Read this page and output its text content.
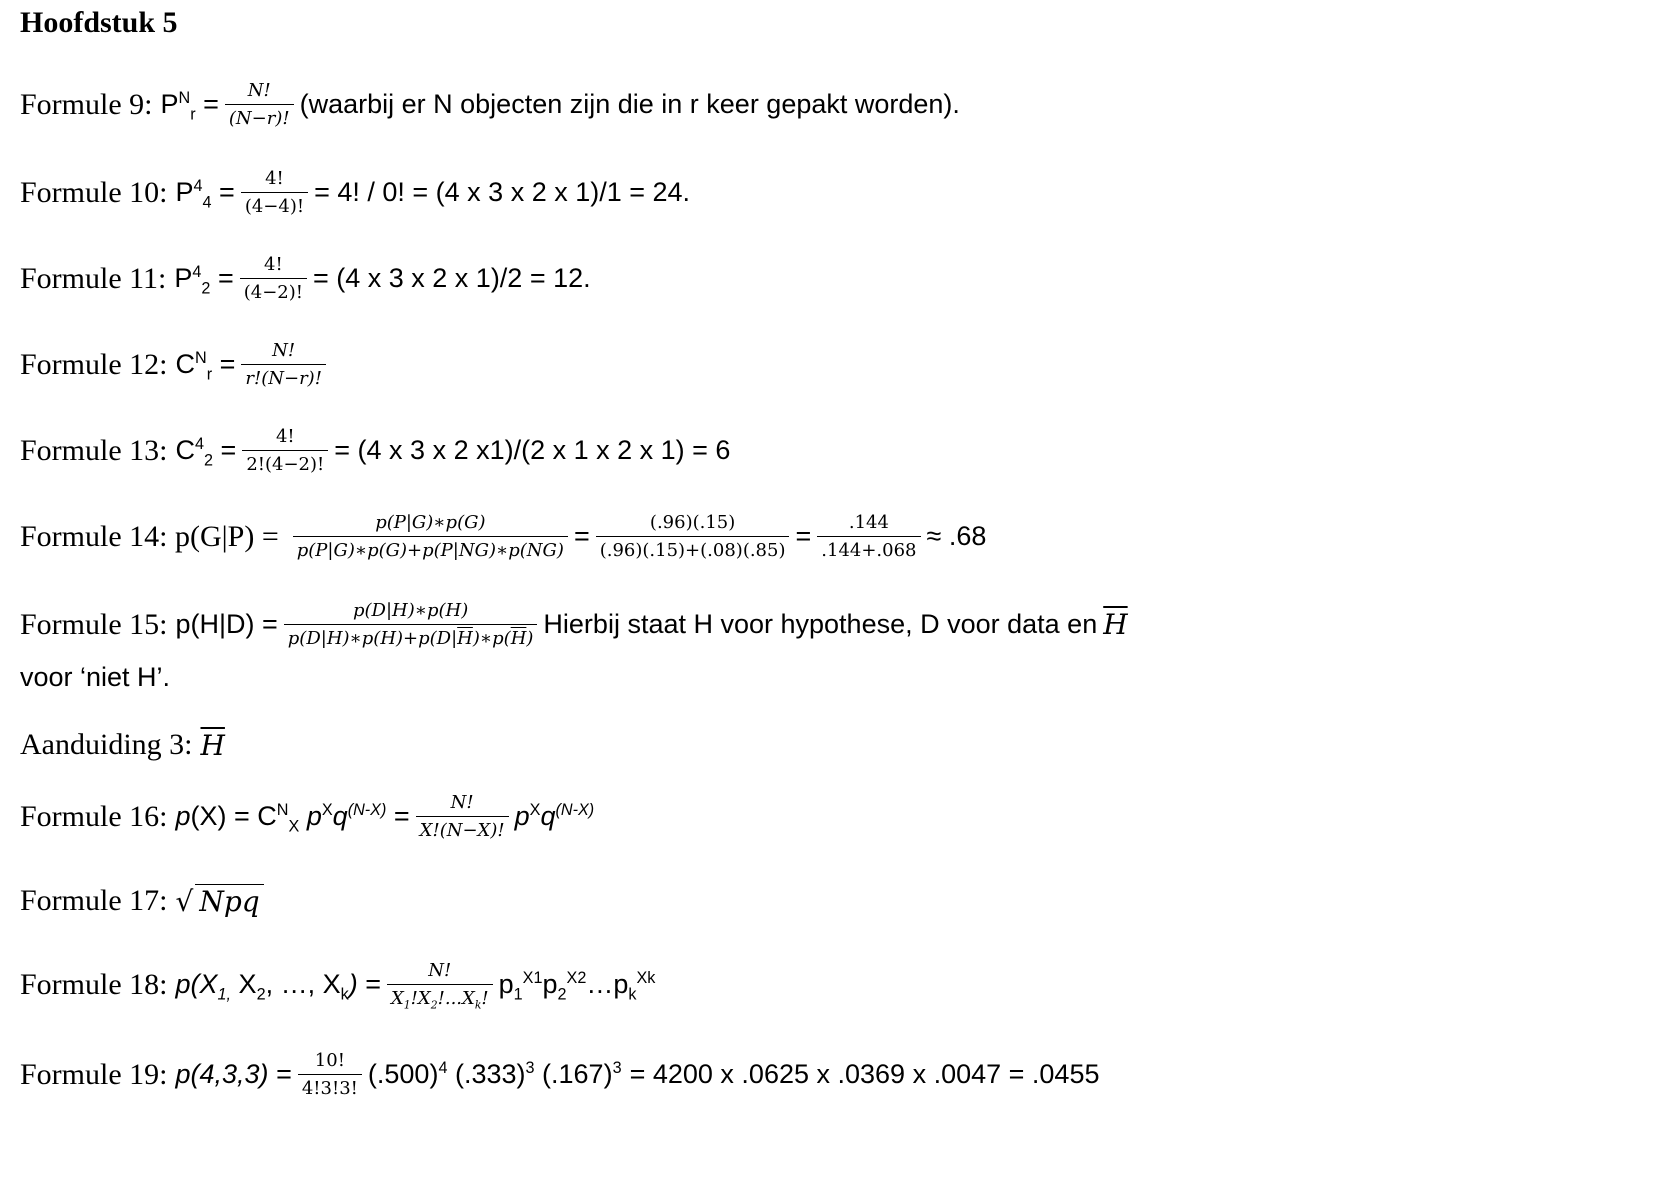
Hoofdstuk 5
Formule 9: $P^N_r = \frac{N!}{(N-r)!}$ (waarbij er N objecten zijn die in r keer gepakt worden).
Formule 10: $P^4_4 = \frac{4!}{(4-4)!} = 4$! / 0! = (4 x 3 x 2 x 1)/1 = 24.
Formule 11: $P^4_2 = \frac{4!}{(4-2)!} = (4$ x 3 x 2 x 1)/2 = 12.
Formule 12: $C^N_r = \frac{N!}{r!(N-r)!}$
Formule 13: $C^4_2 = \frac{4!}{2!(4-2)!} = (4$ x 3 x 2 x1)/(2 x 1 x 2 x 1) = 6
Formule 14: $p(G|P) = \frac{p(P|G)∗p(G)}{p(P|G)∗p(G)+p(P|NG)∗p(NG)} = \frac{(.96)(.15)}{(.96)(.15)+(.08)(.85)} = \frac{.144}{.144+.068} \approx .68$
Formule 15: $p(H|D) = \frac{p(D|H)∗p(H)}{p(D|H)∗p(H)+p(D|\overline{H})∗p(\overline{H})}$ Hierbij staat H voor hypothese, D voor data en $\overline{H}$
voor ‘niet H’.
Aanduiding 3: $\overline{H}$
Formule 16: $p(X) = C^N_X$ $p^Xq^{(N-X)} = \frac{N!}{X!(N-X)!} p^Xq^{(N-X)}$
Formule 17: √ Npq
Formule 18: $p(X_{1,}$ $X_2$, …, $X_k) = \frac{N!}{X_1!X_2!...X_k!}$ $p_1^{X1}p_2^{X2}\dots p_k^{Xk}$
Formule 19: $p(4,3,3) = \frac{10!}{4!3!3!} (.500)^4$ $(.333)^3$ $(.167)^3 = 4200$ x .0625 x .0369 x .0047 = .0455
